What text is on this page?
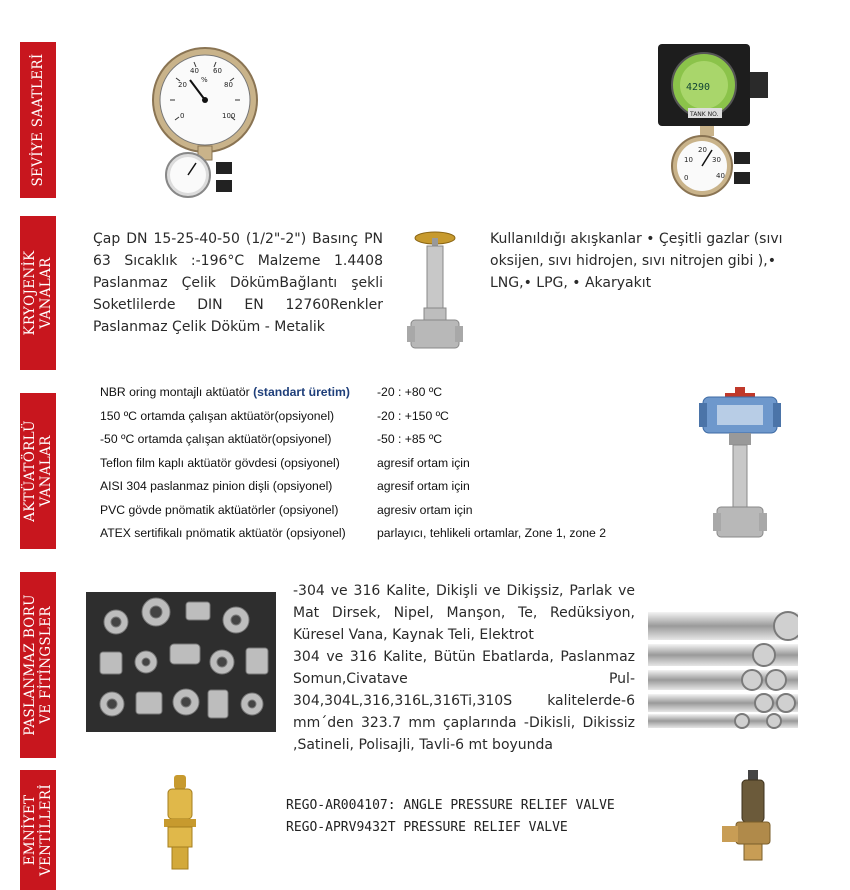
SEVİYE SAATLERİ	40 60
20	80
0	100
%
4290
TANK NO.
10
20
30
40
0
KRYOJENİK VANALAR

Çap DN 15-25-40-50 (1/2"-2") Basınç PN 63 Sıcaklık :-196°C Malzeme 1.4408 Paslanmaz Çelik DökümBağlantı şekli Soketlilerde DIN EN 12760Renkler Paslanmaz Çelik Döküm - Metalik

Kullanıldığı akışkanlar • Çeşitli gazlar (sıvı oksijen, sıvı hidrojen, sıvı nitrojen gibi ),• LNG,• LPG, • Akaryakıt

AKTÜATÖRLÜ VANALAR
NBR oring montajlı aktüatör (standart üretim) -20 : +80 ºC
150 ºC ortamda çalışan aktüatör(opsiyonel)	-20 : +150 ºC
-50 ºC ortamda çalışan aktüatör(opsiyonel)	-50 : +85 ºC
Teflon film kaplı aktüatör gövdesi (opsiyonel)	agresif ortam için
AISI 304 paslanmaz pinion dişli (opsiyonel)	agresif ortam için
PVC gövde pnömatik aktüatörler (opsiyonel)	agresiv ortam için
ATEX sertifikalı pnömatik aktüatör (opsiyonel)	parlayıcı, tehlikeli ortamlar, Zone 1, zone 2
PASLANMAZ BORU VE FİTİNGSLER

-304 ve 316 Kalite, Dikişli ve Dikişsiz, Parlak ve Mat Dirsek, Nipel, Manşon, Te, Redüksiyon, Küresel Vana, Kaynak Teli, Elektrot

304 ve 316 Kalite, Bütün Ebatlarda, Paslanmaz Somun,Civatave Pul-304,304L,316,316L,316Ti,310S kalitelerde-6 mm´den 323.7 mm çaplarında -Dikisli, Dikissiz ,Satineli, Polisajli, Tavli-6 mt boyunda

EMNİYET VENTİLLERİ	REGO-AR004107: ANGLE PRESSURE RELIEF VALVE
REGO-APRV9432T PRESSURE RELIEF VALVE
